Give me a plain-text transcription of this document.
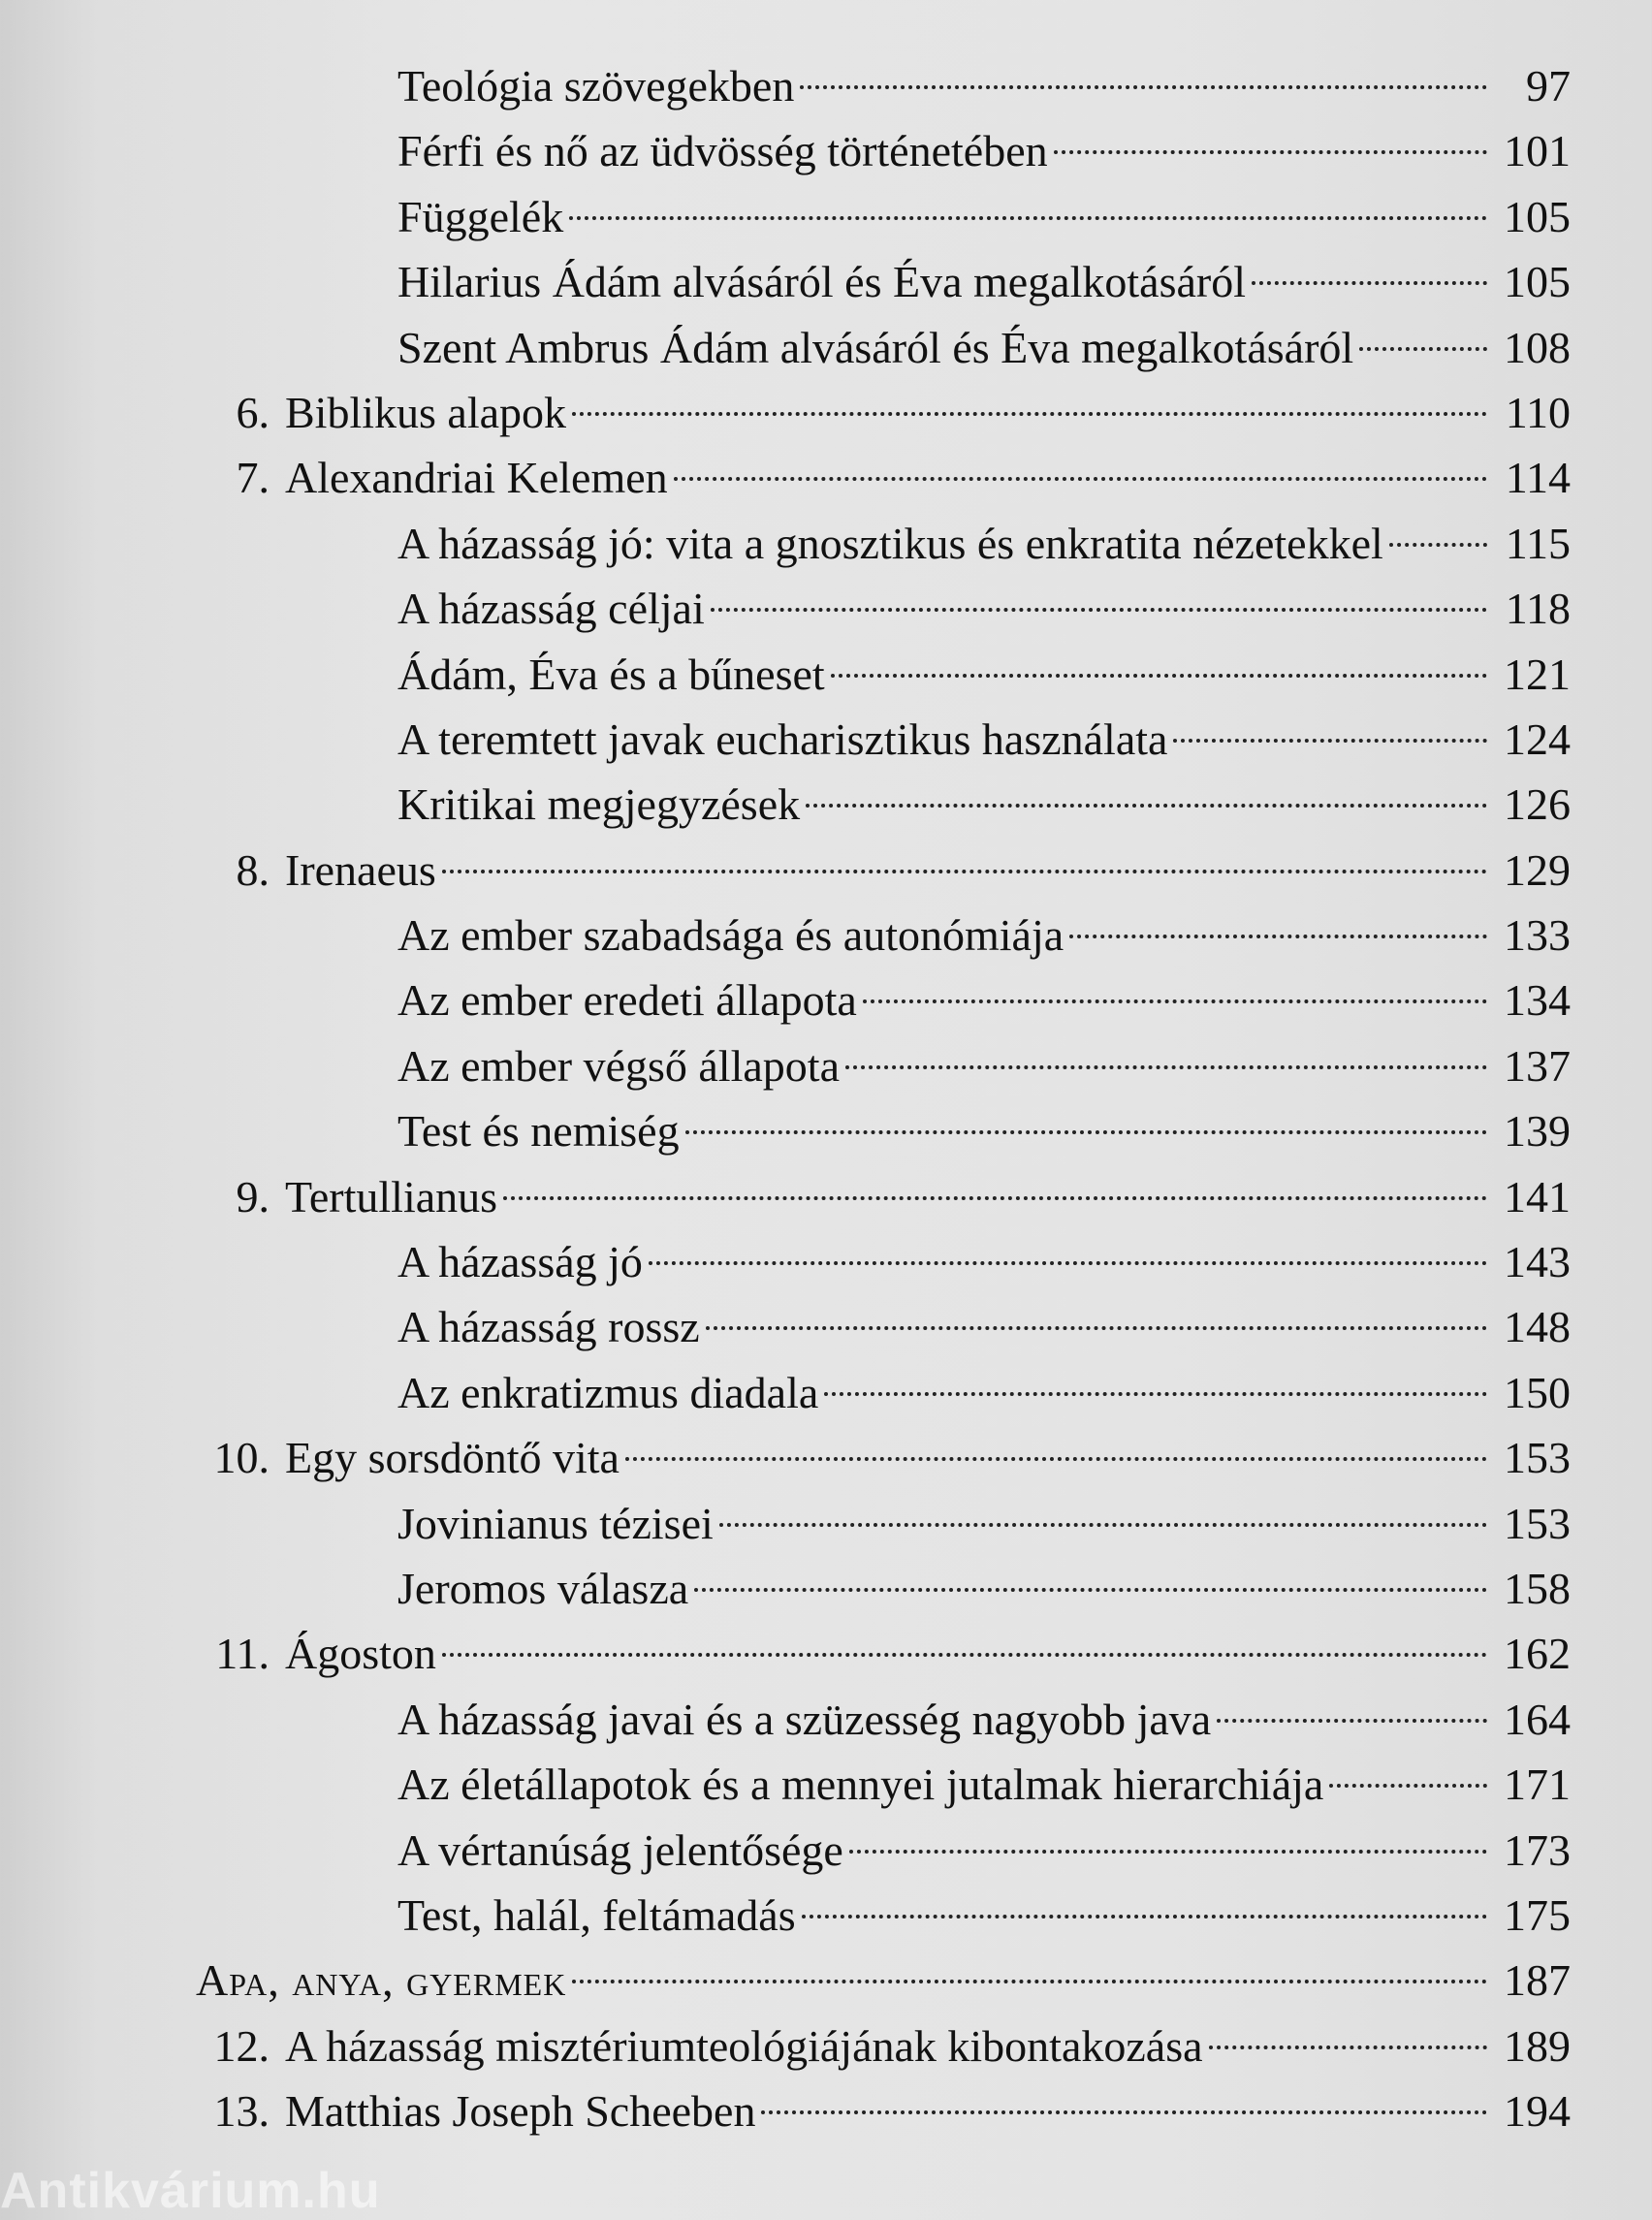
Teológia szövegekben	97
Férfi és nő az üdvösség történetében	101
Függelék	105
Hilarius Ádám alvásáról és Éva megalkotásáról	105
Szent Ambrus Ádám alvásáról és Éva megalkotásáról	108
6. Biblikus alapok	110
7. Alexandriai Kelemen	114
A házasság jó: vita a gnosztikus és enkratita nézetekkel	115
A házasság céljai	118
Ádám, Éva és a bűneset	121
A teremtett javak eucharisztikus használata	124
Kritikai megjegyzések	126
8. Irenaeus	129
Az ember szabadsága és autonómiája	133
Az ember eredeti állapota	134
Az ember végső állapota	137
Test és nemiség	139
9. Tertullianus	141
A házasság jó	143
A házasság rossz	148
Az enkratizmus diadala	150
10. Egy sorsdöntő vita	153
Jovinianus tézisei	153
Jeromos válasza	158
11. Ágoston	162
A házasság javai és a szüzesség nagyobb java	164
Az életállapotok és a mennyei jutalmak hierarchiája	171
A vértanúság jelentősége	173
Test, halál, feltámadás	175
Apa, anya, gyermek	187
12. A házasság misztériumteológiájának kibontakozása	189
13. Matthias Joseph Scheeben	194
Antikvárium.hu
